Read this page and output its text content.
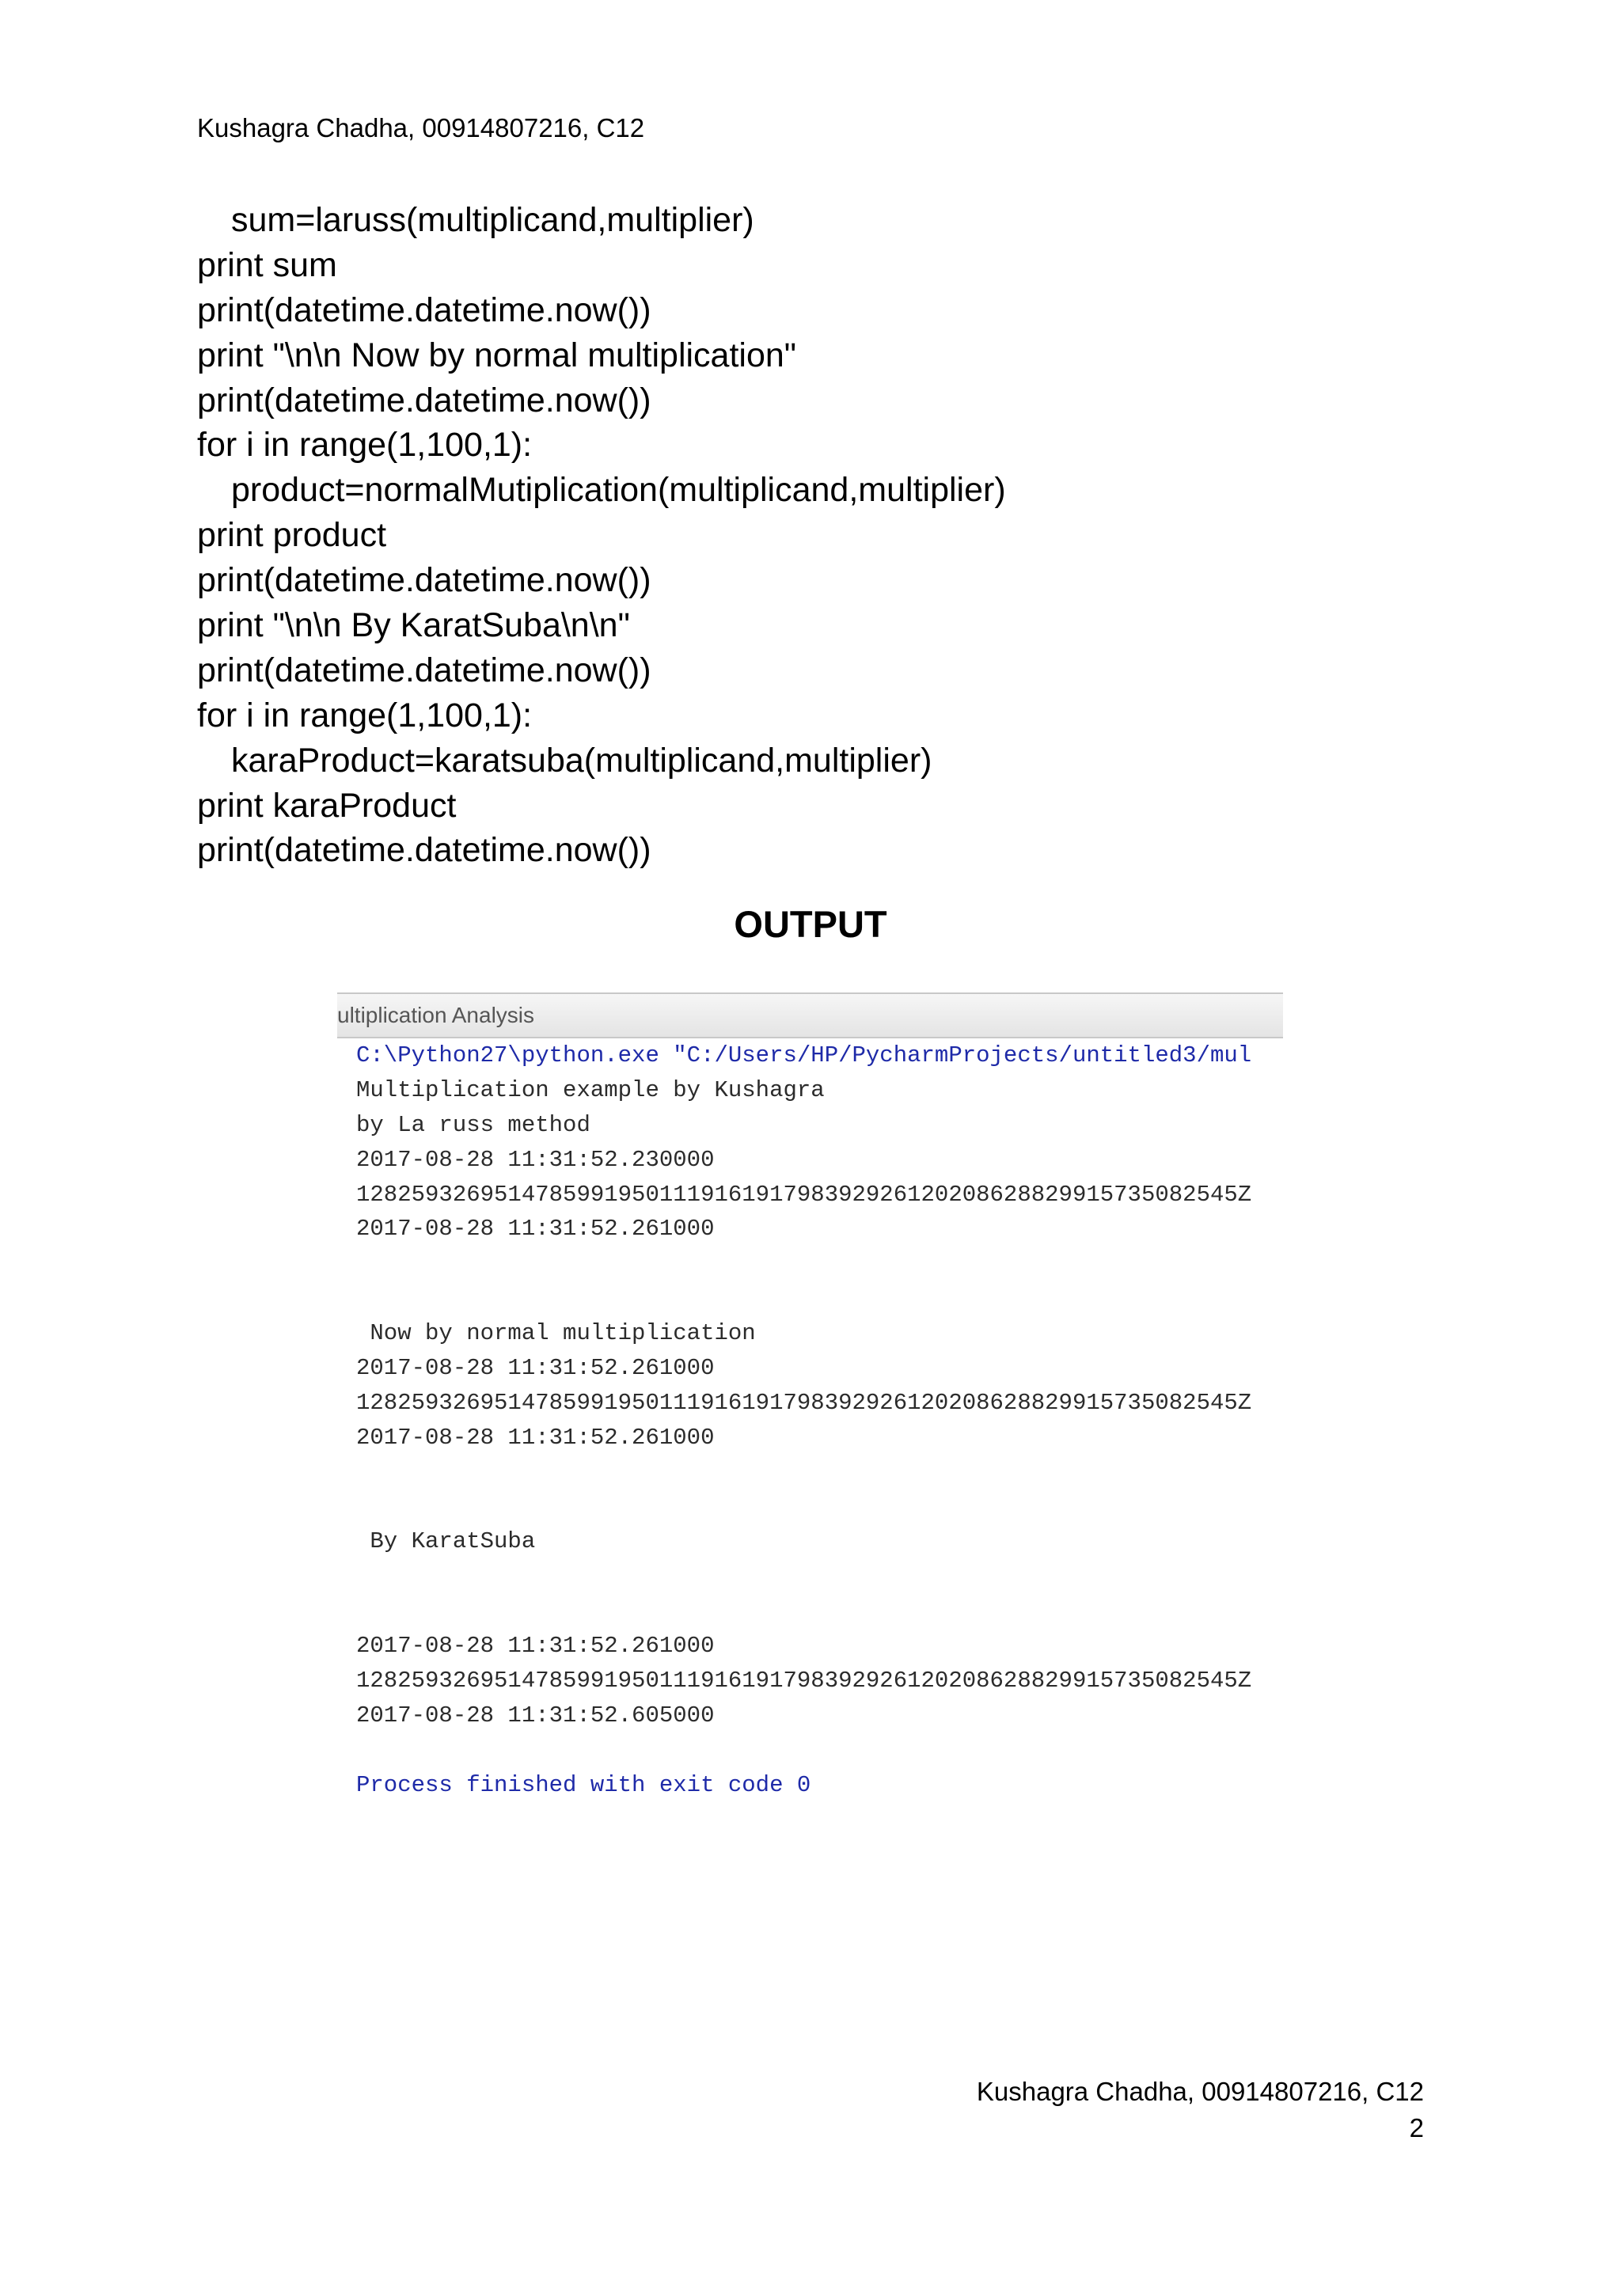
Kushagra Chadha, 00914807216, C12
sum=laruss(multiplicand,multiplier)
print sum
print(datetime.datetime.now())
print "\n\n Now by normal multiplication"
print(datetime.datetime.now())
for i in range(1,100,1):
product=normalMutiplication(multiplicand,multiplier)
print product
print(datetime.datetime.now())
print "\n\n By KaratSuba\n\n"
print(datetime.datetime.now())
for i in range(1,100,1):
karaProduct=karatsuba(multiplicand,multiplier)
print karaProduct
print(datetime.datetime.now())
OUTPUT
ultiplication Analysis
C:\Python27\python.exe "C:/Users/HP/PycharmProjects/untitled3/mul
Multiplication example by Kushagra
by La russ method
2017-08-28 11:31:52.230000
1282593269514785991950111916191798392926120208628829915735082545Z
2017-08-28 11:31:52.261000
Now by normal multiplication
2017-08-28 11:31:52.261000
1282593269514785991950111916191798392926120208628829915735082545Z
2017-08-28 11:31:52.261000
By KaratSuba
2017-08-28 11:31:52.261000
1282593269514785991950111916191798392926120208628829915735082545Z
2017-08-28 11:31:52.605000
Process finished with exit code 0
Kushagra Chadha, 00914807216, C12
2
